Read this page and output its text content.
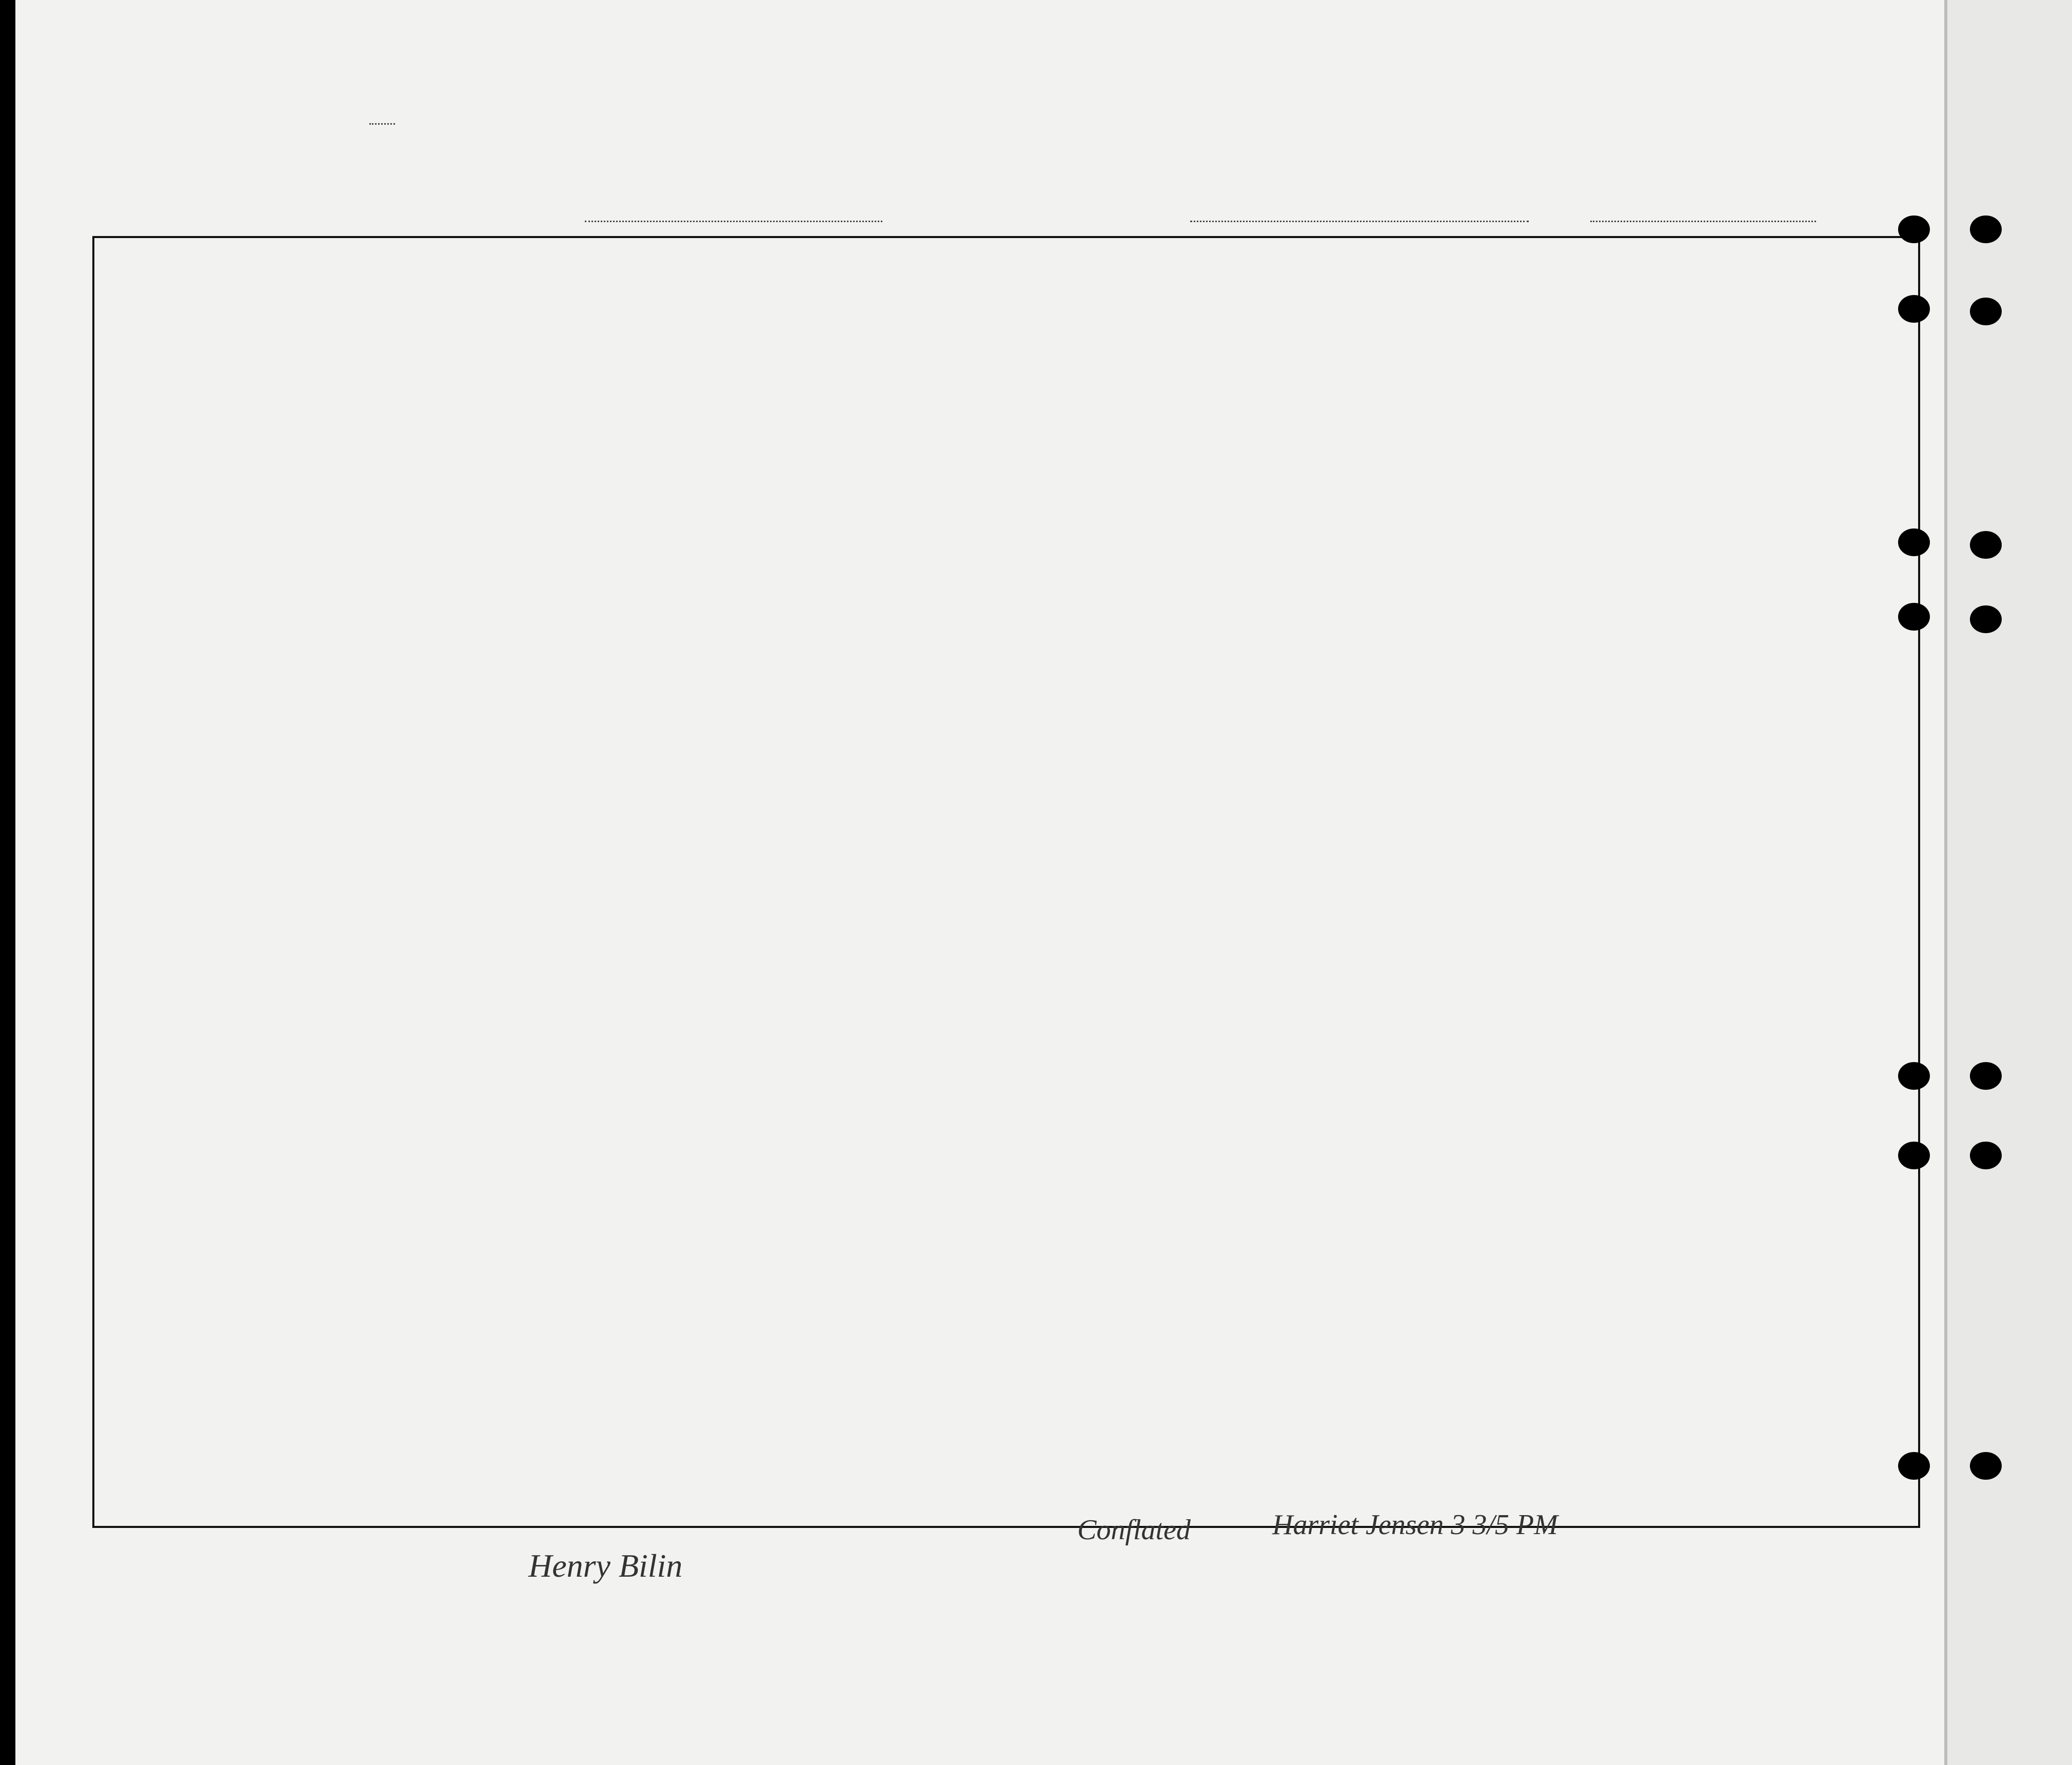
Henry Bilin
Conflated	Harriet Jensen 3 3/5 PM
